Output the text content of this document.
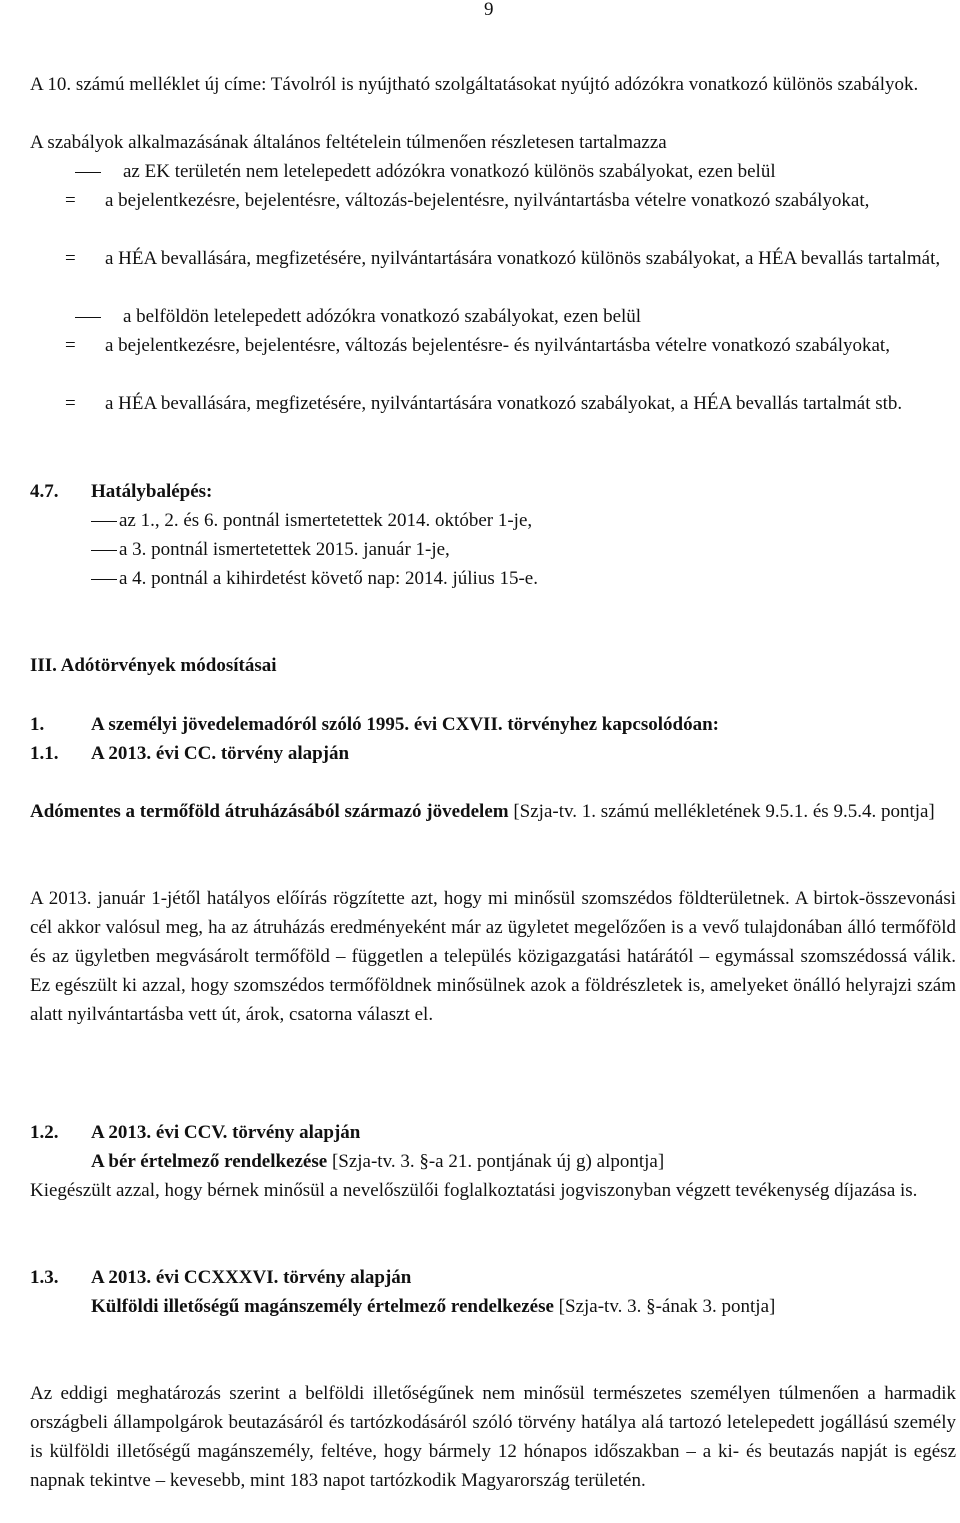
9

A 10. számú melléklet új címe: Távolról is nyújtható szolgáltatásokat nyújtó adózókra vonatkozó különös szabályok.

A szabályok alkalmazásának általános feltételein túlmenően részletesen tartalmazza

az EK területén nem letelepedett adózókra vonatkozó különös szabályokat, ezen belül

= a bejelentkezésre, bejelentésre, változás-bejelentésre, nyilvántartásba vételre vonatkozó szabályokat,

= a HÉA bevallására, megfizetésére, nyilvántartására vonatkozó különös szabályokat, a HÉA bevallás tartalmát,

a belföldön letelepedett adózókra vonatkozó szabályokat, ezen belül

= a bejelentkezésre, bejelentésre, változás bejelentésre- és nyilvántartásba vételre vonatkozó szabályokat,

= a HÉA bevallására, megfizetésére, nyilvántartására vonatkozó szabályokat, a HÉA bevallás tartalmát stb.

4.7. Hatálybalépés:

az 1., 2. és 6. pontnál ismertetettek 2014. október 1-je,

a 3. pontnál ismertetettek 2015. január 1-je,

a 4. pontnál a kihirdetést követő nap: 2014. július 15-e.

III. Adótörvények módosításai
1. A személyi jövedelemadóról szóló 1995. évi CXVII. törvényhez kapcsolódóan:
1.1. A 2013. évi CC. törvény alapján

Adómentes a termőföld átruházásából származó jövedelem [Szja-tv. 1. számú mellékletének 9.5.1. és 9.5.4. pontja]

A 2013. január 1-jétől hatályos előírás rögzítette azt, hogy mi minősül szomszédos földterületnek. A birtok-összevonási cél akkor valósul meg, ha az átruházás eredményeként már az ügyletet megelőzően is a vevő tulajdonában álló termőföld és az ügyletben megvásárolt termőföld – független a település közigazgatási határától – egymással szomszédossá válik. Ez egészült ki azzal, hogy szomszédos termőföldnek minősülnek azok a földrészletek is, amelyeket önálló helyrajzi szám alatt nyilvántartásba vett út, árok, csatorna választ el.

1.2. A 2013. évi CCV. törvény alapján
A bér értelmező rendelkezése [Szja-tv. 3. §-a 21. pontjának új g) alpontja]

Kiegészült azzal, hogy bérnek minősül a nevelőszülői foglalkoztatási jogviszonyban végzett tevékenység díjazása is.

1.3. A 2013. évi CCXXXVI. törvény alapján

Külföldi illetőségű magánszemély értelmező rendelkezése [Szja-tv. 3. §-ának 3. pontja]

Az eddigi meghatározás szerint a belföldi illetőségűnek nem minősül természetes személyen túlmenően a harmadik országbeli állampolgárok beutazásáról és tartózkodásáról szóló törvény hatálya alá tartozó letelepedett jogállású személy is külföldi illetőségű magánszemély, feltéve, hogy bármely 12 hónapos időszakban – a ki- és beutazás napját is egész napnak tekintve – kevesebb, mint 183 napot tartózkodik Magyarország területén.
